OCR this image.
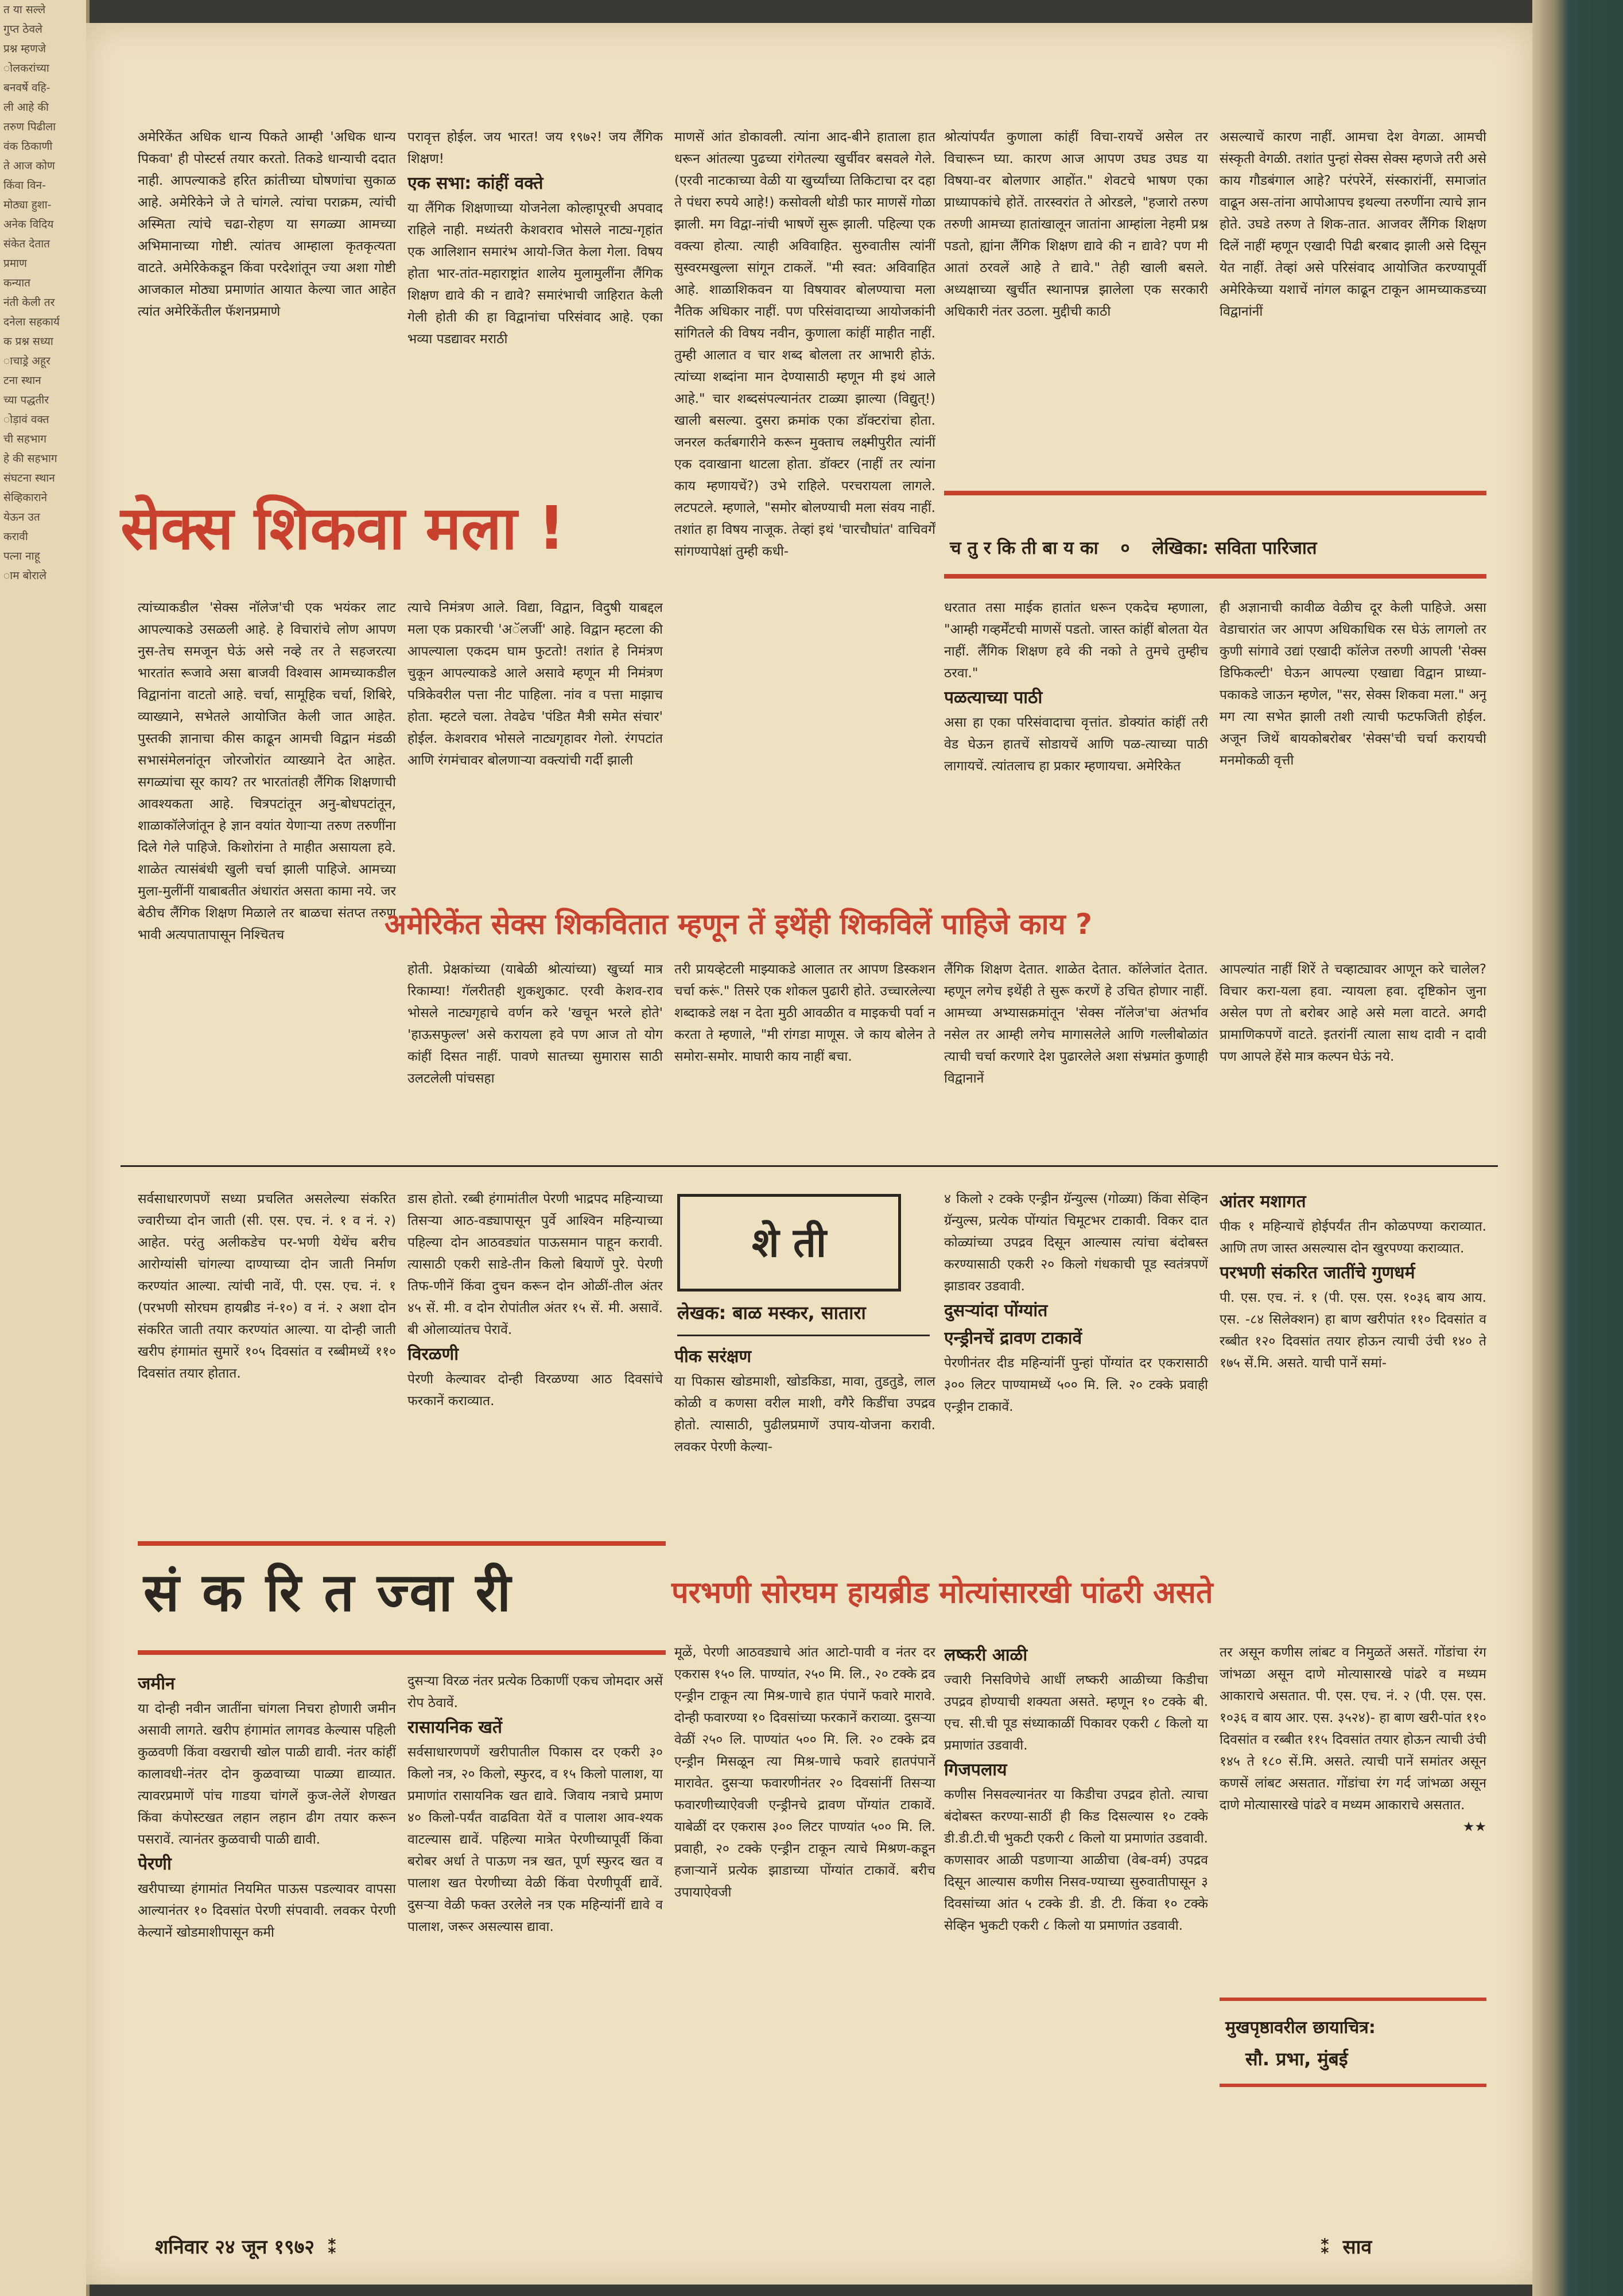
त या सल्ले
गुप्त ठेवले
प्रश्न म्हणजे
ोलकरांच्या
बनवर्षे वहि-
ली आहे की
तरुण पिढीला
वंक ठिकाणी
ते आज कोण
किंवा विन-
मोठ्या हुशा-
अनेक विदिय
संकेत देतात
प्रमाण
कन्यात
नंती केली तर
दनेला सहकार्य
क प्रश्न सध्या
ाचाड्रे अहूर
टना स्थान
च्या पद्धतीर
ोड़ावं वक्त
ची सहभाग
हे की सहभाग
संघटना स्थान
सेव्हिकाराने
येऊन उत
करावी
पत्ना नाहू
ाम बोराले

अमेरिकेंत अधिक धान्य पिकते आम्ही 'अधिक धान्य पिकवा' ही पोस्टर्स तयार करतो. तिकडे धान्याची ददात नाही. आपल्याकडे हरित क्रांतीच्या घोषणांचा सुकाळ आहे. अमेरिकेने जे ते चांगले. त्यांचा पराक्रम, त्यांची अस्मिता त्यांचे चढा-रोहण या सगळ्या आमच्या अभिमानाच्या गोष्टी. त्यांतच आम्हाला कृतकृत्यता वाटते. अमेरिकेकडून किंवा परदेशांतून ज्या अशा गोष्टी आजकाल मोठ्या प्रमाणांत आयात केल्या जात आहेत त्यांत अमेरिकेंतील फॅशनप्रमाणे

परावृत्त होईल. जय भारत! जय १९७२! जय लैंगिक शिक्षण!

एक सभा: कांहीं वक्ते

या लैंगिक शिक्षणाच्या योजनेला कोल्हापूरची अपवाद राहिले नाही. मध्यंतरी केशवराव भोसले नाट्य-गृहांत एक आलिशान समारंभ आयो-जित केला गेला. विषय होता भार-तांत-महाराष्ट्रांत शालेय मुलामुलींना लैंगिक शिक्षण द्यावे की न द्यावे? समारंभाची जाहिरात केली गेली होती की हा विद्वानांचा परिसंवाद आहे. एका भव्या पडद्यावर मराठी

माणसें आंत डोकावली. त्यांना आद-बीने हाताला हात धरून आंतल्या पुढच्या रांगेतल्या खुर्चीवर बसवले गेले. (एरवी नाटकाच्या वेळी या खुर्च्यांच्या तिकिटाचा दर दहा ते पंधरा रुपये आहे!) कसोवली थोडी फार माणसें गोळा झाली. मग विद्वा-नांची भाषणें सुरू झाली. पहिल्या एक वक्त्या होत्या. त्याही अविवाहित. सुरुवातीस त्यांनीं सुस्वरमखुल्ला सांगून टाकलें. "मी स्वत: अविवाहित आहे. शाळाशिकवन या विषयावर बोलण्याचा मला नैतिक अधिकार नाहीं. पण परिसंवादाच्या आयोजकांनी सांगितले की विषय नवीन, कुणाला कांहीं माहीत नाहीं. तुम्ही आलात व चार शब्द बोलला तर आभारी होऊं. त्यांच्या शब्दांना मान देण्यासाठी म्हणून मी इथं आले आहे." चार शब्दसंपल्यानंतर टाळ्या झाल्या (विद्युत्!) खाली बसल्या. दुसरा क्रमांक एका डॉक्टरांचा होता. जनरल कर्तबगारीने करून मुक्ताच लक्ष्मीपुरीत त्यांनीं एक दवाखाना थाटला होता. डॉक्टर (नाहीं तर त्यांना काय म्हणायचें?) उभे राहिले. परचरायला लागले. लटपटले. म्हणाले, "समोर बोलण्याची मला संवय नाहीं. तशांत हा विषय नाजूक. तेव्हां इथं 'चारचौघांत' वाचिवर्गें सांगण्यापेक्षां तुम्ही कधी-

श्रोत्यांपर्यंत कुणाला कांहीं विचा-रायचें असेल तर विचारून घ्या. कारण आज आपण उघड उघड या विषया-वर बोलणार आहोंत." शेवटचे भाषण एका प्राध्यापकांचे होतें. तारस्वरांत ते ओरडले, "हजारो तरुण तरुणी आमच्या हातांखालून जातांना आम्हांला नेहमी प्रश्न पडतो, ह्यांना लैंगिक शिक्षण द्यावे की न द्यावे? पण मी आतां ठरवलें आहे ते द्यावे." तेही खाली बसले. अध्यक्षाच्या खुर्चीत स्थानापन्न झालेला एक सरकारी अधिकारी नंतर उठला. मुद्दीची काठी

असल्याचें कारण नाहीं. आमचा देश वेगळा. आमची संस्कृती वेगळी. तशांत पुन्हां सेक्स सेक्स म्हणजे तरी असे काय गौडबंगाल आहे? परंपरेनें, संस्कारांनीं, समाजांत वाढून अस-तांना आपोआपच इथल्या तरुणींना त्याचे ज्ञान होते. उघडे तरुण ते शिक-तात. आजवर लैंगिक शिक्षण दिलें नाहीं म्हणून एखादी पिढी बरबाद झाली असे दिसून येत नाहीं. तेव्हां असे परिसंवाद आयोजित करण्यापूर्वी अमेरिकेच्या यशाचें नांगल काढून टाकून आमच्याकडच्या विद्वानांनीं

सेक्स शिकवा मला !	च तु र कि ती बा य का ० लेखिका: सविता पारिजात

त्यांच्याकडील 'सेक्स नॉलेज'ची एक भयंकर लाट आपल्याकडे उसळली आहे. हे विचारांचे लोण आपण नुस-तेच समजून घेऊं असे नव्हे तर ते सहजरत्या भारतांत रूजावे असा बाजवी विश्वास आमच्याकडील विद्वानांना वाटतो आहे. चर्चा, सामूहिक चर्चा, शिबिरे, व्याख्याने, सभेतले आयोजित केली जात आहेत. पुस्तकी ज्ञानाचा कीस काढून आमची विद्वान मंडळी सभासंमेलनांतून जोरजोरांत व्याख्याने देत आहेत. सगळ्यांचा सूर काय? तर भारतांतही लैंगिक शिक्षणाची आवश्यकता आहे. चित्रपटांतून अनु-बोधपटांतून, शाळाकॉलेजांतून हे ज्ञान वयांत येणाऱ्या तरुण तरुणींना दिले गेले पाहिजे. किशोरांना ते माहीत असायला हवे. शाळेत त्यासंबंधी खुली चर्चा झाली पाहिजे. आमच्या मुला-मुलींनीं याबाबतीत अंधारांत असता कामा नये. जर बेठीच लैंगिक शिक्षण मिळाले तर बाळचा संतप्त तरुण भावी अत्यपातापासून निश्चितच

त्याचे निमंत्रण आले. विद्या, विद्वान, विदुषी याबद्दल मला एक प्रकारची 'अॅलर्जी' आहे. विद्वान म्हटला की आपल्याला एकदम घाम फुटतो! तशांत हे निमंत्रण चुकून आपल्याकडे आले असावे म्हणून मी निमंत्रण पत्रिकेवरील पत्ता नीट पाहिला. नांव व पत्ता माझाच होता. म्हटले चला. तेवढेच 'पंडित मैत्री समेत संचार' होईल. केशवराव भोसले नाट्यगृहावर गेलो. रंगपटांत आणि रंगमंचावर बोलणाऱ्या वक्त्यांची गर्दी झाली

धरतात तसा माईक हातांत धरून एकदेच म्हणाला, "आम्ही गव्हर्मेंटची माणसें पडतो. जास्त कांहीं बोलता येत नाहीं. लैंगिक शिक्षण हवे की नको ते तुमचे तुम्हीच ठरवा."

पळत्याच्या पाठी

असा हा एका परिसंवादाचा वृत्तांत. डोक्यांत कांहीं तरी वेड घेऊन हातचें सोडायचें आणि पळ-त्याच्या पाठी लागायचें. त्यांतलाच हा प्रकार म्हणायचा. अमेरिकेत

ही अज्ञानाची कावीळ वेळीच दूर केली पाहिजे. असा वेडाचारांत जर आपण अधिकाधिक रस घेऊं लागलो तर कुणी सांगावे उद्यां एखादी कॉलेज तरुणी आपली 'सेक्स डिफिकल्टी' घेऊन आपल्या एखाद्या विद्वान प्राध्या-पकाकडे जाऊन म्हणेल, "सर, सेक्स शिकवा मला." अनू मग त्या सभेत झाली तशी त्याची फटफजिती होईल. अजून जिथें बायकोबरोबर 'सेक्स'ची चर्चा करायची मनमोकळी वृत्ती

अमेरिकेंत सेक्स शिकवितात म्हणून तें इथेंही शिकविलें पाहिजे काय ?

होती. प्रेक्षकांच्या (याबेळी श्रोत्यांच्या) खुर्च्या मात्र रिकाम्या! गॅलरीतही शुकशुकाट. एरवी केशव-राव भोसले नाट्यगृहाचे वर्णन करे 'खचून भरले होते' 'हाऊसफुल्ल' असे करायला हवे पण आज तो योग कांहीं दिसत नाहीं. पावणे सातच्या सुमारास साठी उलटलेली पांचसहा

तरी प्रायव्हेटली माझ्याकडे आलात तर आपण डिस्कशन चर्चा करूं." तिसरे एक शोकल पुढारी होते. उच्चारलेल्या शब्दाकडे लक्ष न देता मुठी आवळीत व माइकची पर्वा न करता ते म्हणाले, "मी रांगडा माणूस. जे काय बोलेन ते समोरा-समोर. माघारी काय नाहीं बचा.

लैंगिक शिक्षण देतात. शाळेत देतात. कॉलेजांत देतात. म्हणून लगेच इथेंही ते सुरू करणें हे उचित होणार नाहीं. आमच्या अभ्यासक्रमांतून 'सेक्स नॉलेज'चा अंतर्भाव नसेल तर आम्ही लगेच मागासलेले आणि गल्लीबोळांत त्याची चर्चा करणारे देश पुढारलेले अशा संभ्रमांत कुणाही विद्वानानें

आपल्यांत नाहीं शिरें ते चव्हाट्यावर आणून करे चालेल? विचार करा-यला हवा. न्यायला हवा. दृष्टिकोन जुना असेल पण तो बरोबर आहे असे मला वाटते. अगदी प्रामाणिकपणें वाटते. इतरांनीं त्याला साथ दावी न दावी पण आपले हेंसे मात्र कल्पन घेऊं नये.

सर्वसाधारणपणें सध्या प्रचलित असलेल्या संकरित ज्वारीच्या दोन जाती (सी. एस. एच. नं. १ व नं. २) आहेत. परंतु अलीकडेच पर-भणी येथेंच बरीच आरोग्यांसी चांगल्या दाण्याच्या दोन जाती निर्माण करण्यांत आल्या. त्यांची नावें, पी. एस. एच. नं. १ (परभणी सोरघम हायब्रीड नं-१०) व नं. २ अशा दोन संकरित जाती तयार करण्यांत आल्या. या दोन्ही जाती खरीप हंगामांत सुमारें १०५ दिवसांत व रब्बीमध्यें ११० दिवसांत तयार होतात.

डास होतो. रब्बी हंगामांतील पेरणी भाद्रपद महिन्याच्या तिसऱ्या आठ-वड्यापासून पुर्वे आश्विन महिन्याच्या पहिल्या दोन आठवड्यांत पाऊसमान पाहून करावी. त्यासाठी एकरी साडे-तीन किलो बियाणें पुरे. पेरणी तिफ-णीनें किंवा दुचन करून दोन ओळीं-तील अंतर ४५ सें. मी. व दोन रोपांतील अंतर १५ सें. मी. असावें. बी ओलाव्यांतच पेरावें.

विरळणी

पेरणी केल्यावर दोन्ही विरळण्या आठ दिवसांचे फरकानें कराव्यात.

शे ती
लेखक: बाळ मस्कर, सातारा

पीक सरंक्षण

या पिकास खोडमाशी, खोडकिडा, मावा, तुडतुडे, लाल कोळी व कणसा वरील माशी, वगैरे किडींचा उपद्रव होतो. त्यासाठी, पुढीलप्रमाणें उपाय-योजना करावी. लवकर पेरणी केल्या-

४ किलो २ टक्के एन्ड्रीन ग्रॅन्युल्स (गोळ्या) किंवा सेव्हिन ग्रॅन्युल्स, प्रत्येक पोंग्यांत चिमूटभर टाकावी. विकर दात कोळ्यांच्या उपद्रव दिसून आल्यास त्यांचा बंदोबस्त करण्यासाठी एकरी २० किलो गंधकाची पूड स्वतंत्रपणें झाडावर उडवावी.

दुसऱ्यांदा पोंग्यांत

एन्ड्रीनचें द्रावण टाकावें

पेरणीनंतर दीड महिन्यांनीं पुन्हां पोंग्यांत दर एकरासाठी ३०० लिटर पाण्यामध्यें ५०० मि. लि. २० टक्के प्रवाही एन्ड्रीन टाकावें.

आंतर मशागत

पीक १ महिन्याचें होईपर्यंत तीन कोळपण्या कराव्यात. आणि तण जास्त असल्यास दोन खुरपण्या कराव्यात.

परभणी संकरित जातींचे गुणधर्म

पी. एस. एच. नं. १ (पी. एस. एस. १०३६ बाय आय. एस. -८४ सिलेक्शन) हा बाण खरीपांत ११० दिवसांत व रब्बीत १२० दिवसांत तयार होऊन त्याची उंची १४० ते १७५ सें.मि. असते. याची पानें समां-

सं क रि त ज्वा री	परभणी सोरघम हायब्रीड मोत्यांसारखी पांढरी असते

जमीन

या दोन्ही नवीन जातींना चांगला निचरा होणारी जमीन असावी लागते. खरीप हंगामांत लागवड केल्यास पहिली कुळवणी किंवा वखराची खोल पाळी द्यावी. नंतर कांहीं कालावधी-नंतर दोन कुळवाच्या पाळ्या द्याव्यात. त्यावरप्रमाणें पांच गाडया चांगलें कुज-लेलें शेणखत किंवा कंपोस्टखत लहान लहान ढीग तयार करून पसरावें. त्यानंतर कुळवाची पाळी द्यावी.

पेरणी

खरीपाच्या हंगामांत नियमित पाऊस पडल्यावर वापसा आल्यानंतर १० दिवसांत पेरणी संपवावी. लवकर पेरणी केल्यानें खोडमाशीपासून कमी

दुसऱ्या विरळ नंतर प्रत्येक ठिकाणीं एकच जोमदार असें रोप ठेवावें.

रासायनिक खतें

सर्वसाधारणपणें खरीपातील पिकास दर एकरी ३० किलो नत्र, २० किलो, स्फुरद, व १५ किलो पालाश, या प्रमाणांत रासायनिक खत द्यावे. जिवाय नत्राचे प्रमाण ४० किलो-पर्यंत वाढविता येतें व पालाश आव-श्यक वाटल्यास द्यावें. पहिल्या मात्रेत पेरणीच्यापूर्वी किंवा बरोबर अर्धा ते पाऊण नत्र खत, पूर्ण स्फुरद खत व पालाश खत पेरणीच्या वेळी किंवा पेरणीपूर्वी द्यावें. दुसऱ्या वेळी फक्त उरलेले नत्र एक महिन्यांनीं द्यावे व पालाश, जरूर असल्यास द्यावा.

मूळें, पेरणी आठवड्याचे आंत आटो-पावी व नंतर दर एकरास १५० लि. पाण्यांत, २५० मि. लि., २० टक्के द्रव एन्ड्रीन टाकून त्या मिश्र-णाचे हात पंपानें फवारे मारावे. दोन्ही फवारण्या १० दिवसांच्या फरकानें कराव्या. दुसऱ्या वेळीं २५० लि. पाण्यांत ५०० मि. लि. २० टक्के द्रव एन्ड्रीन मिसळून त्या मिश्र-णाचे फवारे हातपंपानें मारावेत. दुसऱ्या फवारणीनंतर २० दिवसांनीं तिसऱ्या फवारणीच्याऐवजी एन्ड्रीनचे द्रावण पोंग्यांत टाकावें. याबेळीं दर एकरास ३०० लिटर पाण्यांत ५०० मि. लि. प्रवाही, २० टक्के एन्ड्रीन टाकून त्याचे मिश्रण-कडून हजाऱ्यानें प्रत्येक झाडाच्या पोंग्यांत टाकावें. बरीच उपायाऐवजी

लष्करी आळी

ज्वारी निसविणेचे आधीं लष्करी आळीच्या किडीचा उपद्रव होण्याची शक्यता असते. म्हणून १० टक्के बी. एच. सी.ची पूड संध्याकाळीं पिकावर एकरी ८ किलो या प्रमाणांत उडवावी.

गिजपलाय

कणीस निसवल्यानंतर या किडीचा उपद्रव होतो. त्याचा बंदोबस्त करण्या-साठीं ही किड दिसल्यास १० टक्के डी.डी.टी.ची भुकटी एकरी ८ किलो या प्रमाणांत उडवावी. कणसावर आळी पडणाऱ्या आळीचा (वेब-वर्म) उपद्रव दिसून आल्यास कणीस निसव-ण्याच्या सुरुवातीपासून ३ दिवसांच्या आंत ५ टक्के डी. डी. टी. किंवा १० टक्के सेव्हिन भुकटी एकरी ८ किलो या प्रमाणांत उडवावी.

तर असून कणीस लांबट व निमुळतें असतें. गोंडांचा रंग जांभळा असून दाणे मोत्यासारखे पांढरे व मध्यम आकाराचे असतात. पी. एस. एच. नं. २ (पी. एस. एस. १०३६ व बाय आर. एस. ३५२४)- हा बाण खरी-पांत ११० दिवसांत व रब्बीत ११५ दिवसांत तयार होऊन त्याची उंची १४५ ते १८० सें.मि. असते. त्याची पानें समांतर असून कणसें लांबट असतात. गोंडांचा रंग गर्द जांभळा असून दाणे मोत्यासारखे पांढरे व मध्यम आकाराचे असतात.

★★

मुखपृष्ठावरील छायाचित्र:
सौ. प्रभा, मुंबई
शनिवार २४ जून १९७२ ⁑	⁑ साव
